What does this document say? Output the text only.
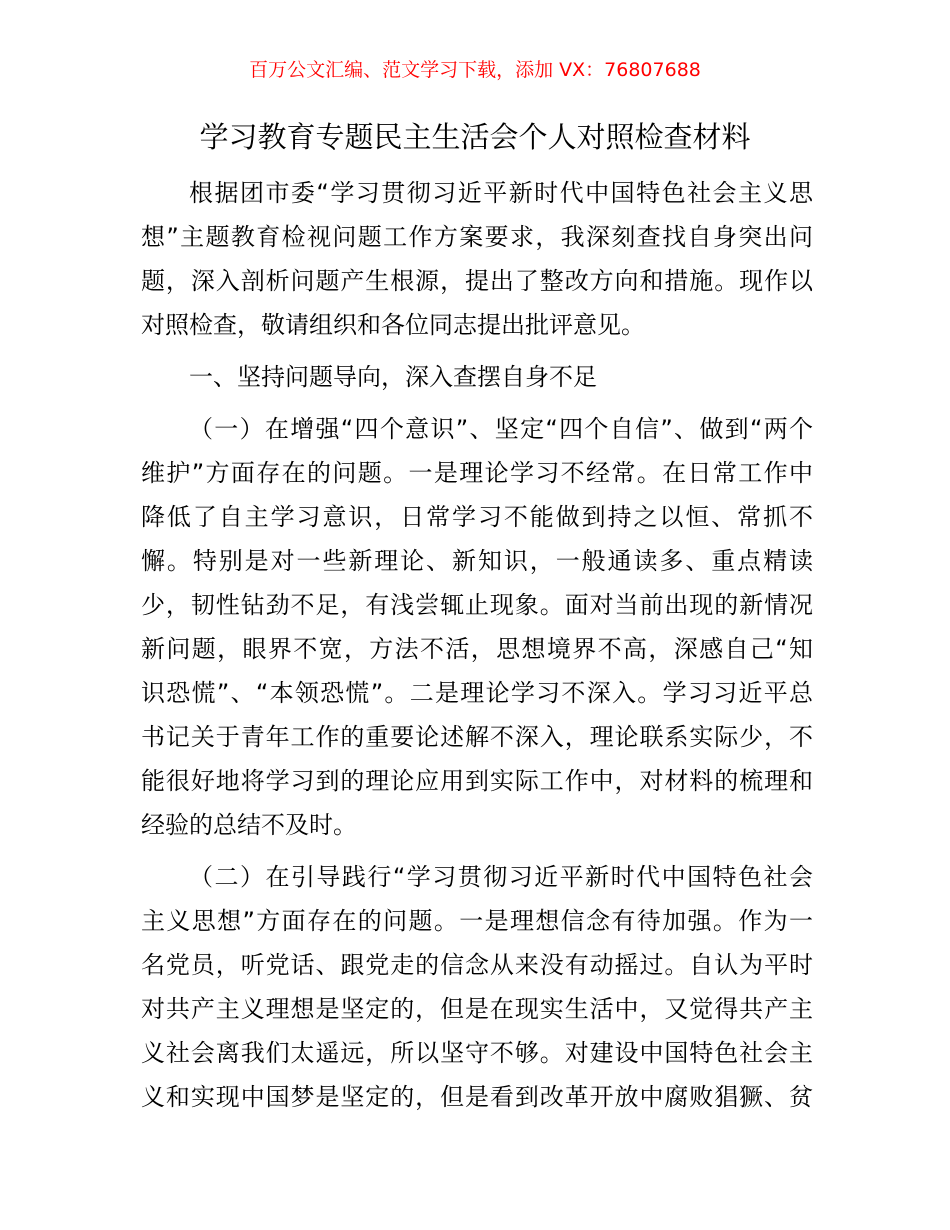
百万公文汇编、范文学习下载，添加 VX：76807688
学习教育专题民主生活会个人对照检查材料
根据团市委“学习贯彻习近平新时代中国特色社会主义思
想”主题教育检视问题工作方案要求，我深刻查找自身突出问
题，深入剖析问题产生根源，提出了整改方向和措施。现作以
对照检查，敬请组织和各位同志提出批评意见。
一、坚持问题导向，深入查摆自身不足
（一）在增强“四个意识”、坚定“四个自信”、做到“两个
维护”方面存在的问题。一是理论学习不经常。在日常工作中
降低了自主学习意识，日常学习不能做到持之以恒、常抓不
懈。特别是对一些新理论、新知识，一般通读多、重点精读
少，韧性钻劲不足，有浅尝辄止现象。面对当前出现的新情况
新问题，眼界不宽，方法不活，思想境界不高，深感自己“知
识恐慌”、“本领恐慌”。二是理论学习不深入。学习习近平总
书记关于青年工作的重要论述解不深入，理论联系实际少，不
能很好地将学习到的理论应用到实际工作中，对材料的梳理和
经验的总结不及时。
（二）在引导践行“学习贯彻习近平新时代中国特色社会
主义思想”方面存在的问题。一是理想信念有待加强。作为一
名党员，听党话、跟党走的信念从来没有动摇过。自认为平时
对共产主义理想是坚定的，但是在现实生活中，又觉得共产主
义社会离我们太遥远，所以坚守不够。对建设中国特色社会主
义和实现中国梦是坚定的，但是看到改革开放中腐败猖獗、贫
